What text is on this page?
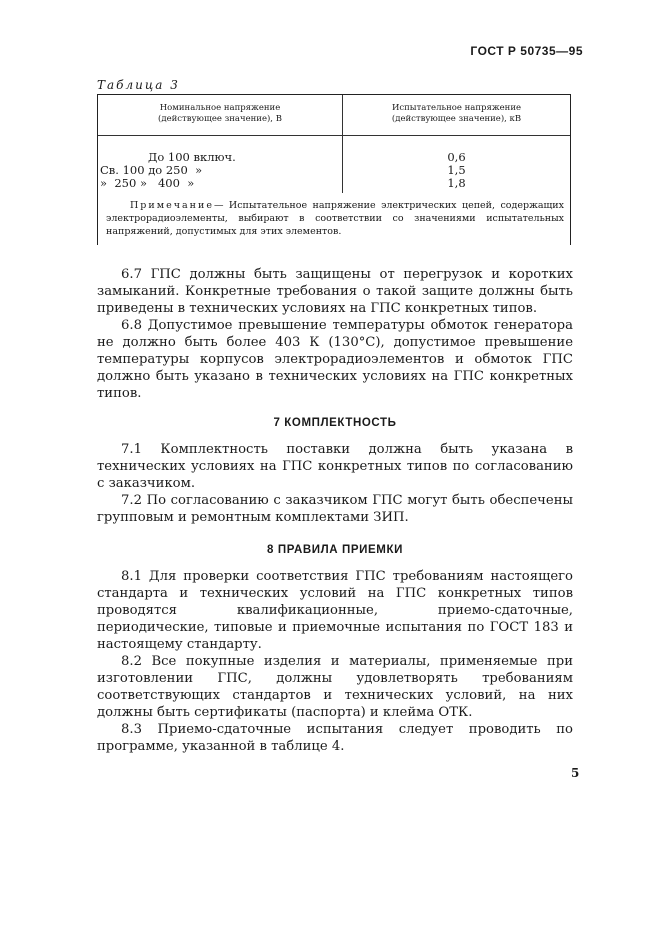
ГОСТ Р 50735—95
Таблица 3
Номинальное напряжение
(действующее значение), В
Испытательное напряжение
(действующее значение), кВ
До 100 включ.	0,6
Св. 100 до 250  »	1,5
»  250 »   400  »	1,8
Примечание— Испытательное напряжение электрических цепей, содержащих электрорадиоэлементы, выбирают в соответствии со значениями испытательных напряжений, допустимых для этих элементов.

6.7 ГПС должны быть защищены от перегрузок и коротких замыканий. Конкретные требования о такой защите должны быть приведены в технических условиях на ГПС конкретных типов.

6.8 Допустимое превышение температуры обмоток генератора не должно быть более 403 К (130°С), допустимое превышение температуры корпусов электрорадиоэлементов и обмоток ГПС должно быть указано в технических условиях на ГПС конкретных типов.

7 КОМПЛЕКТНОСТЬ

7.1 Комплектность поставки должна быть указана в технических условиях на ГПС конкретных типов по согласованию с заказчиком.

7.2 По согласованию с заказчиком ГПС могут быть обеспечены групповым и ремонтным комплектами ЗИП.

8 ПРАВИЛА ПРИЕМКИ

8.1 Для проверки соответствия ГПС требованиям настоящего стандарта и технических условий на ГПС конкретных типов проводятся квалификационные, приемо-сдаточные, периодические, типовые и приемочные испытания по ГОСТ 183 и настоящему стандарту.

8.2 Все покупные изделия и материалы, применяемые при изготовлении ГПС, должны удовлетворять требованиям соответствующих стандартов и технических условий, на них должны быть сертификаты (паспорта) и клейма ОТК.

8.3 Приемо-сдаточные испытания следует проводить по программе, указанной в таблице 4.

5
